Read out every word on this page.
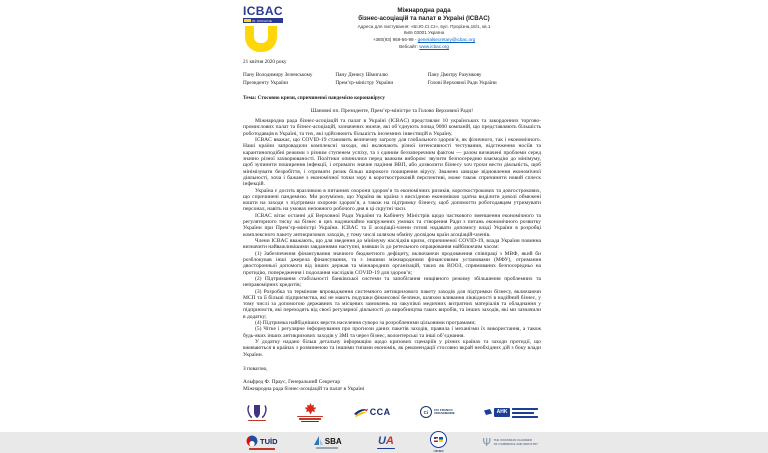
ICBAC
IN UKRAINE
Міжнародна рада
бізнес-асоціацій та палат в Україні (ICBAC)
Адреса для листування: «БІ.Ю.СІ.СІ», вул. Прорізна,18/1, кв.1
Київ 03001 Україна
+380(93) 959-56-99 - generalsecretary@icbac.org
Вебсайт: www.icbac.org
21 квітня 2020 року
Пану Володимиру Зеленському
Президенту України
Пану Денису Шмигалю
Прем’єр-міністру України
Пану Дмитру Разумкову
Голові Верховної Ради України
Тема: Стосовно кризи, спричиненої пандемією коронавірусу
Шановні пп. Президенте, Прем’єр-міністре та Голово Верховної Ради!

Міжнародна рада бізнес-асоціацій та палат в Україні (ICBAC) представляє 10 українських та закордонних торгово-промислових палат та бізнес-асоціацій, зазначених нижче, які об’єднують понад 9000 компаній, що представляють більшість роботодавців в Україні, та тих, які здійснюють більшість іноземних інвестицій в Україну.

ICBAC вважає, що COVID-19 становить величезну загрозу для глобального здоров’я, як фізичного, так і економічного. Наші країни запровадили комплексні заходи, які включають різної інтенсивності тестування, відстеження носіїв та карантиноподібні режими з різним ступенем успіху, та з єдиним беззаперечним фактом — разом визначені проблеми серед значно різної захворюваності. Політики опинилися перед важким вибором: звузити безпосередню взаємодію до мінімуму, щоб зупинити поширення інфекції, і отримати значне падіння ВВП, або дозволити бізнесу хоч трохи вести діяльність, щоб мінімізувати безробіття, і отримати ризик більш широкого поширення вірусу. Зважено швидке відновлення економічної діяльності, хоча і бажане з економічної точки зору в короткостроковій перспективі, може також спричинити новий сплеск інфекцій.

Україна є досить вразливою в питаннях охорони здоров’я та економічних ризиків, короткострокових та довгострокових, що спричинені пандемією. Ми розуміємо, що Україна як країна з висхідною економікою здатна виділити доволі обмежені кошти на заходи з підтримки охорони здоров’я, а також на підтримку бізнесу, щоб допомогти роботодавцям утримувати персонал, навіть на умовах неповного робочого дня в ці скрутні часи.

ICBAC вітає останні дії Верховної Ради України та Кабінету Міністрів щодо часткового зменшення економічного та регуляторного тиску на бізнес в цих надзвичайно напружених умовах та створення Ради з питань економічного розвитку України при Прем’єр-міністрі України. ICBAC та її асоціації-члени готові надавати допомогу владі України в розробці комплексного пакету антикризових заходів, у тому числі шляхом обміну досвідом країн асоціацій-членів.

Члени ICBAC вважають, що для зведення до мінімуму наслідків кризи, спричиненої COVID-19, влада України повинна визначити найважливішими завданнями наступні, взявши їх до ретельного опрацювання найближчим часом:

(1) Забезпечення фінансування значного бюджетного дефіциту, включаючи продовження співпраці з МВФ, який би розблокував інші джерела фінансування, та з іншими міжнародними фінансовими установами (МФУ), отримання двосторонньої допомоги від інших держав та міжнародних організацій, таких як ВООЗ, спрямованих безпосередньо на протидію, попередження і подолання наслідків COVID-19 для здоров’я;

(2) Підтримання стабільності банківської системи та запобігання нищівного режиму збільшення проблемних та неправомірних кредитів;

(3) Розробка та термінове впровадження системного антикризового пакету заходів для підтримки бізнесу, включаючи МСП та її більші підприємства, які не мають подушки фінансової безпеки, шляхом вливання ліквідності в надійний бізнес, у тому числі за допомогою державних та місцевих замовлень на закупівлі медичних витратних матеріалів та обладнання у підприємств, які переходять від своєї регулярної діяльності до виробництва таких виробів, та інших заходів, які ми зазначили в додатку;

(4) Підтримка найбідніших верств населення суворо за розробленими цільовими програмами;

(5) Чітке і регулярне інформування про прогнози даних пакетів заходів, правила і механізми їх використання, а також будь-яких інших антикризових заходів у ЗМІ та через бізнес, волонтерські та інші об’єднання.

У додатку надано більш детальну інформацію щодо кризових сценаріїв у різних країнах та заходи протидії, що вживаються в країнах з розвиненою та іншими типами економік, як рекомендації стосовно вкрай необхідних дій з боку влади України.

З повагою,
Альфред Ф. Праус, Генеральний Секретар
Міжнародна рада бізнес-асоціацій та палат в Україні
CCA	Ci
CCI FRANCO
UKRAINIENNE	AHK
TUİD	SBA	UA
USUBC
Ψ THE UKRAINIAN CHAMBER
OF COMMERCE AND INDUSTRY
